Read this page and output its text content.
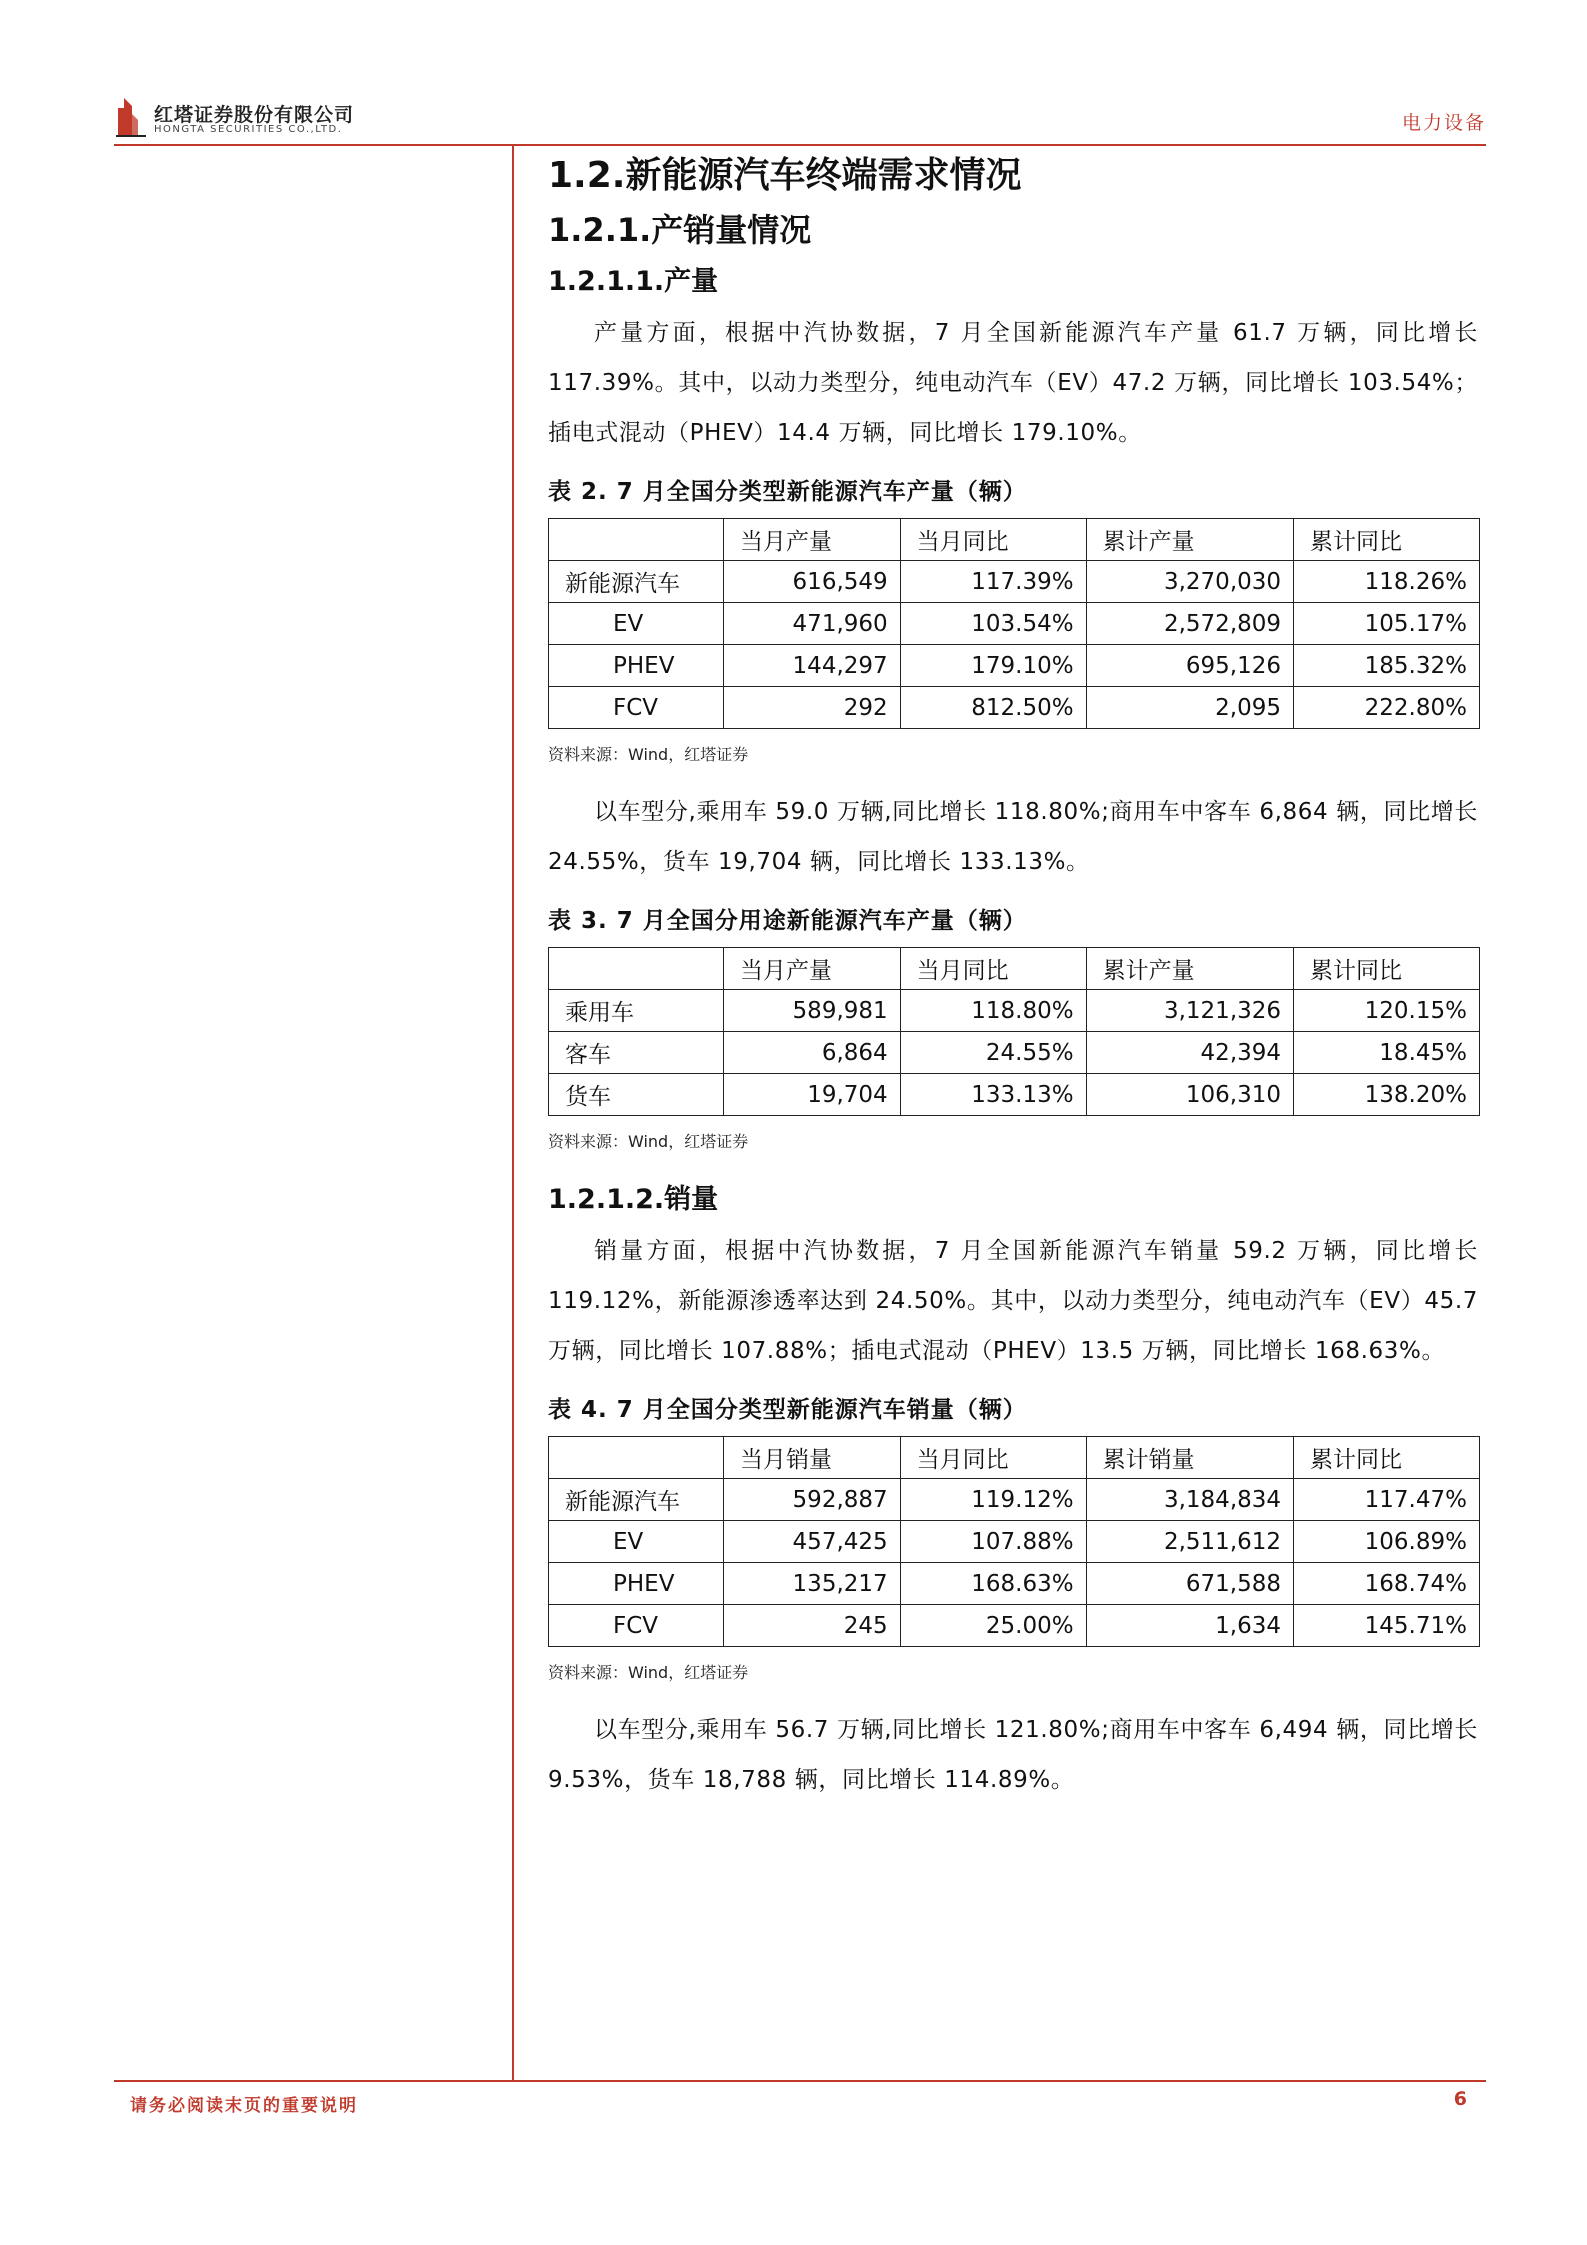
红塔证券股份有限公司
HONGTA SECURITIES CO.,LTD.	电力设备
1.2.新能源汽车终端需求情况
1.2.1.产销量情况
1.2.1.1.产量

产量方面，根据中汽协数据，7 月全国新能源汽车产量 61.7 万辆，同比增长 117.39%。其中，以动力类型分，纯电动汽车（EV）47.2 万辆，同比增长 103.54%；插电式混动（PHEV）14.4 万辆，同比增长 179.10%。

表 2. 7 月全国分类型新能源汽车产量（辆）
	当月产量	当月同比	累计产量	累计同比
新能源汽车	616,549	117.39%	3,270,030	118.26%
EV	471,960	103.54%	2,572,809	105.17%
PHEV	144,297	179.10%	695,126	185.32%
FCV	292	812.50%	2,095	222.80%
资料来源：Wind，红塔证券

以车型分,乘用车 59.0 万辆,同比增长 118.80%;商用车中客车 6,864 辆，同比增长 24.55%，货车 19,704 辆，同比增长 133.13%。

表 3. 7 月全国分用途新能源汽车产量（辆）
	当月产量	当月同比	累计产量	累计同比
乘用车	589,981	118.80%	3,121,326	120.15%
客车	6,864	24.55%	42,394	18.45%
货车	19,704	133.13%	106,310	138.20%
资料来源：Wind，红塔证券
1.2.1.2.销量

销量方面，根据中汽协数据，7 月全国新能源汽车销量 59.2 万辆，同比增长 119.12%，新能源渗透率达到 24.50%。其中，以动力类型分，纯电动汽车（EV）45.7 万辆，同比增长 107.88%；插电式混动（PHEV）13.5 万辆，同比增长 168.63%。

表 4. 7 月全国分类型新能源汽车销量（辆）
	当月销量	当月同比	累计销量	累计同比
新能源汽车	592,887	119.12%	3,184,834	117.47%
EV	457,425	107.88%	2,511,612	106.89%
PHEV	135,217	168.63%	671,588	168.74%
FCV	245	25.00%	1,634	145.71%
资料来源：Wind，红塔证券

以车型分,乘用车 56.7 万辆,同比增长 121.80%;商用车中客车 6,494 辆，同比增长 9.53%，货车 18,788 辆，同比增长 114.89%。

请务必阅读末页的重要说明	6
